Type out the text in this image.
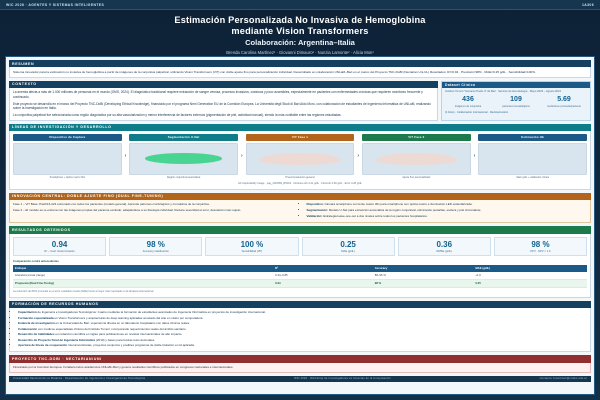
WIC 2026 · AGENTES Y SISTEMAS INTELIGENTES	1A306
Estimación Personalizada No Invasiva de Hemoglobina
mediante Vision Transformers
Colaboración: Argentina–Italia
Brenda Carolina Martínez¹ · Giovanni Dimauro² · Nunzia Lamonte² · Alicia Mon¹
RESUMEN
Sistema innovador para la estimación no invasiva de hemoglobina a partir de imágenes de la conjuntiva palpebral, utilizando Vision Transformers (ViT) con doble ajuste fino para personalización individual. Desarrollado en colaboración UNLaM–Bari en el marco del Proyecto TNC-DoBI (Nectarian Uni-UL) Resultados: R²=0.94 · Precisión=98% · MAE=0.25 g/dL · Sensibilidad=100%.
CONTEXTO

La anemia afecta a más de 1.000 millones de personas en el mundo (OMS, 2024). El diagnóstico tradicional requiere extracción de sangre venosa, procesos invasivos, costosos y poco accesibles, especialmente en pacientes con enfermedades crónicas que requieren monitoreo frecuente y continuado.

Este proyecto se desarrolla en el marco del Proyecto TNC-DoBI (Developing Ethical Knowledge), financiado por el programa Next Generation EU de la Comisión Europea. La Università degli Studi di Bari Aldo Moro, con colaboración de estudiantes de Ingeniería Informática de UNLaM, realizando sobre la investigación en Italia.

La conjuntiva palpebral fue seleccionada como región diagnóstica por su alta vascularización y menor interferencia de factores externos (pigmentación de piel, actividad manual), siendo la más confiable entre las regiones estudiadas.

Dataset Clínico
Instituto Tumori "Giovanni Paolo II" de Bari · Servicio de Hematología · Mayo 2023 – Agosto 2024
436
imágenes de conjuntiva
109
pacientes hematológicos
5.69
mediciones promedio/paciente
(4 fotos) · Colaboración internacional · Revista/revisión
LÍNEAS DE INVESTIGACIÓN Y DESARROLLO
Dispositivo de Captura
Smartphone + óptica macro 30x
›
Segmentación U-Net
Región conjuntival automática
›
ViT Fase 1
Preentrenamiento general
›
ViT Fase 2
Ajuste fino personalizado
›
Estimación Hb
Valor g/dL + validación clínica
Hb Capturability Image · pag_20/2089_BS013 · Finetune Hb 4.41 g/dL · Flow Hb 4.49 g/dL · Error 0.28 g/dL
INNOVACIÓN CENTRAL: DOBLE AJUSTE FINO (DUAL FINE-TUNING)
Fase 1 – ViT Base: Patch16-224 entrenado con todos los pacientes (modelo general). Aprende patrones morfológicos y cromáticos de la conjuntiva.
Fase 2 – El modelo se re-entrena con las imágenes propias del paciente excluido, adaptándose a su fisiología individual. Reduce severidad el error, desviación inter-sujeto.
• Dispositivo: Cámara smartphone con lente macro 30x para smartphone con óptica macro e iluminación LED estandarizada.
• Segmentación: Modelo U-Net para extracción automática de la región conjuntival, eliminando pestañas, esclera y piel circundante.
• Validación: Estrategia leave-one-out a dos niveles sobre todos los pacientes hospitalarios.
RESULTADOS OBTENIDOS
0.94
R² – Coef. Determinación
98 %
Accuracy clasificación
100 %
Sensibilidad (VP)
0.25
MAE (g/dL)
0.36
RMSE (g/dL)
98 %
PPV · NPV = 1.0
Comparación contra antecedentes
Enfoque	R²	Accuracy	MAE (g/dL)
Literatura previa (rango)	0.44–0.85	88–96 %	+1.0
Propuesta (Dual Fine-Tuning)	0.94	98 %	0.25
La reducción del 66% promedio en el error cuadrático medio (MAE) frente al mejor valor reportado en la literatura internacional.
FORMACIÓN DE RECURSOS HUMANOS
• Capacitación de Ingeniería e Investigadores Tecnológicos: Cuatro mediante la formación de estudiantes avanzados de Ingeniería Informática en proyectos de investigación internacional.
• Formación especializada en Vision Transformers y arquitecturas de deep learning aplicadas al estado del arte en visión por computadora.
• Estancia de investigación en la Universidad de Bari: experiencia directa en un laboratorio hospitalario con datos clínicos reales.
• Colaboración con médicos especialistas clínicos del Instituto Tumori, incorporando requerimientos reales del ámbito sanitario.
• Desarrollo de habilidades en redacción científica en inglés para publicaciones en revistas internacionales de alto impacto.
• Desarrollo de Proyecto Final de Ingeniería Informática (2019) y bases para futuras tesis doctorales.
• Apertura de líneas de cooperación interuniversitarias, proyectos conjuntos y posibles programas de doble titulación en IA aplicada.
PROYECTO TNC-DOBI · NECTARIAN/UNI
Financiado por la Comisión Europea. Fortalece lazos académicos UNLaM–Bari y genera resultados científicos publicados en congresos nacionales e internacionales.
Universidad Nacional de La Matanza · Departamento de Ingeniería e Investigaciones Tecnológicas	WIC 2026 · Workshop de Investigadores en Ciencias de la Computación	Contacto: bmartinez@unlam.edu.ar
